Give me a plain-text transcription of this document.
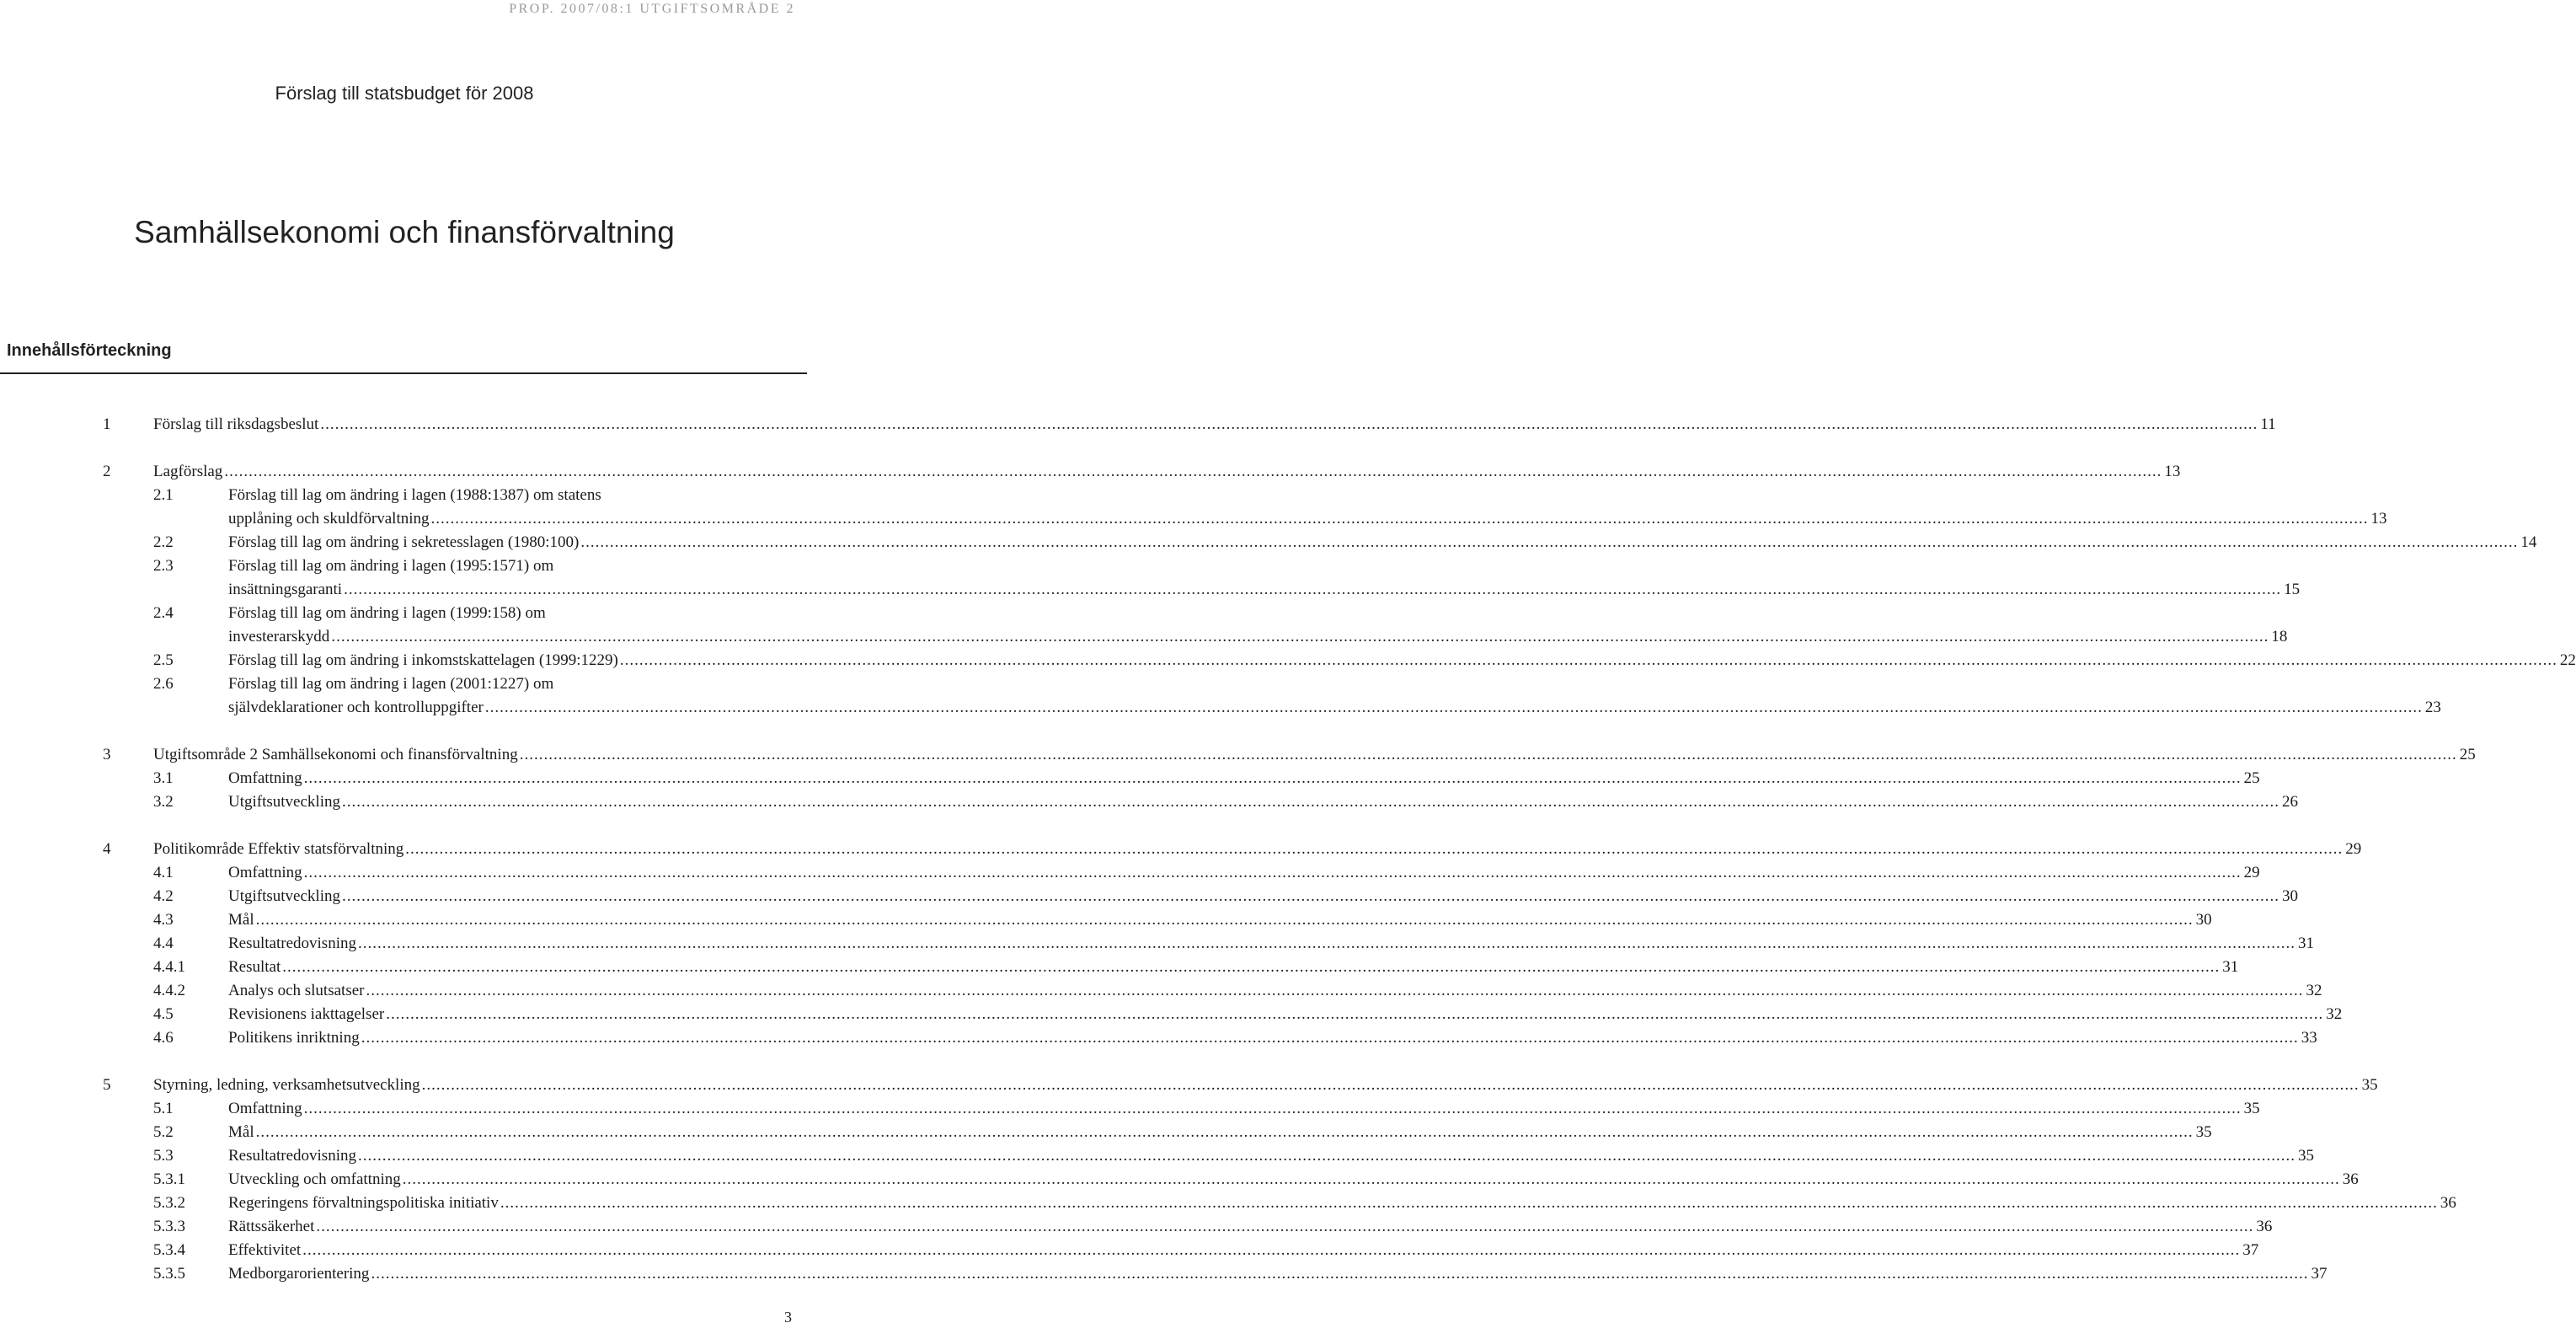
PROP. 2007/08:1 UTGIFTSOMRÅDE 2
Förslag till statsbudget för 2008
Samhällsekonomi och finansförvaltning
Innehållsförteckning
1	Förslag till riksdagsbeslut ................................................................................................................................................................................................................................................................................................................................................................................................................ 11
2	Lagförslag ................................................................................................................................................................................................................................................................................................................................................................................................................ 13
2.1	Förslag till lag om ändring i lagen (1988:1387) om statens
upplåning och skuldförvaltning ................................................................................................................................................................................................................................................................................................................................................................................................................ 13
2.2	Förslag till lag om ändring i sekretesslagen (1980:100) ................................................................................................................................................................................................................................................................................................................................................................................................................ 14
2.3	Förslag till lag om ändring i lagen (1995:1571) om
insättningsgaranti ................................................................................................................................................................................................................................................................................................................................................................................................................ 15
2.4	Förslag till lag om ändring i lagen (1999:158) om
investerarskydd ................................................................................................................................................................................................................................................................................................................................................................................................................ 18
2.5	Förslag till lag om ändring i inkomstskattelagen (1999:1229) ................................................................................................................................................................................................................................................................................................................................................................................................................ 22
2.6	Förslag till lag om ändring i lagen (2001:1227) om
självdeklarationer och kontrolluppgifter ................................................................................................................................................................................................................................................................................................................................................................................................................ 23
3	Utgiftsområde 2 Samhällsekonomi och finansförvaltning ................................................................................................................................................................................................................................................................................................................................................................................................................ 25
3.1	Omfattning ................................................................................................................................................................................................................................................................................................................................................................................................................ 25
3.2	Utgiftsutveckling ................................................................................................................................................................................................................................................................................................................................................................................................................ 26
4	Politikområde Effektiv statsförvaltning ................................................................................................................................................................................................................................................................................................................................................................................................................ 29
4.1	Omfattning ................................................................................................................................................................................................................................................................................................................................................................................................................ 29
4.2	Utgiftsutveckling ................................................................................................................................................................................................................................................................................................................................................................................................................ 30
4.3	Mål ................................................................................................................................................................................................................................................................................................................................................................................................................ 30
4.4	Resultatredovisning ................................................................................................................................................................................................................................................................................................................................................................................................................ 31
4.4.1	Resultat ................................................................................................................................................................................................................................................................................................................................................................................................................ 31
4.4.2	Analys och slutsatser ................................................................................................................................................................................................................................................................................................................................................................................................................ 32
4.5	Revisionens iakttagelser ................................................................................................................................................................................................................................................................................................................................................................................................................ 32
4.6	Politikens inriktning ................................................................................................................................................................................................................................................................................................................................................................................................................ 33
5	Styrning, ledning, verksamhetsutveckling ................................................................................................................................................................................................................................................................................................................................................................................................................ 35
5.1	Omfattning ................................................................................................................................................................................................................................................................................................................................................................................................................ 35
5.2	Mål ................................................................................................................................................................................................................................................................................................................................................................................................................ 35
5.3	Resultatredovisning ................................................................................................................................................................................................................................................................................................................................................................................................................ 35
5.3.1	Utveckling och omfattning ................................................................................................................................................................................................................................................................................................................................................................................................................ 36
5.3.2	Regeringens förvaltningspolitiska initiativ ................................................................................................................................................................................................................................................................................................................................................................................................................ 36
5.3.3	Rättssäkerhet ................................................................................................................................................................................................................................................................................................................................................................................................................ 36
5.3.4	Effektivitet ................................................................................................................................................................................................................................................................................................................................................................................................................ 37
5.3.5	Medborgarorientering ................................................................................................................................................................................................................................................................................................................................................................................................................ 37
3
